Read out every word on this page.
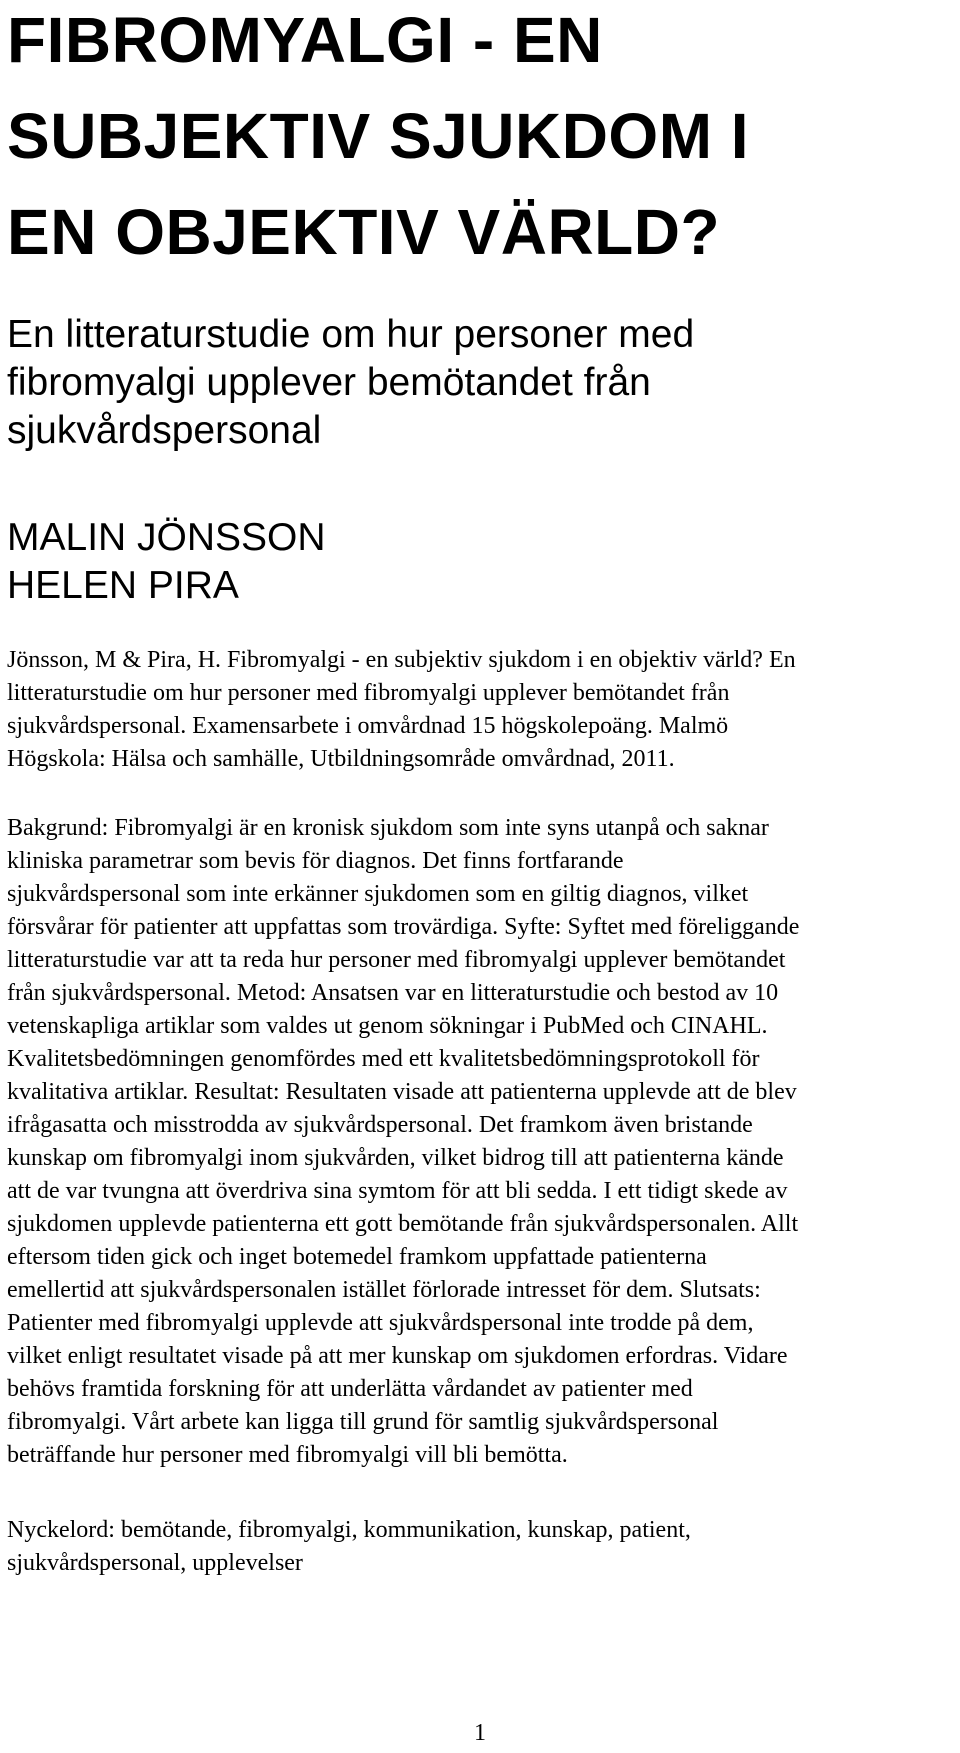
FIBROMYALGI - EN
SUBJEKTIV SJUKDOM I
EN OBJEKTIV VÄRLD?
En litteraturstudie om hur personer med
fibromyalgi upplever bemötandet från
sjukvårdspersonal
MALIN JÖNSSON
HELEN PIRA

Jönsson, M & Pira, H. Fibromyalgi - en subjektiv sjukdom i en objektiv värld? En
litteraturstudie om hur personer med fibromyalgi upplever bemötandet från
sjukvårdspersonal. Examensarbete i omvårdnad 15 högskolepoäng. Malmö
Högskola: Hälsa och samhälle, Utbildningsområde omvårdnad, 2011.

Bakgrund: Fibromyalgi är en kronisk sjukdom som inte syns utanpå och saknar
kliniska parametrar som bevis för diagnos. Det finns fortfarande
sjukvårdspersonal som inte erkänner sjukdomen som en giltig diagnos, vilket
försvårar för patienter att uppfattas som trovärdiga. Syfte: Syftet med föreliggande
litteraturstudie var att ta reda hur personer med fibromyalgi upplever bemötandet
från sjukvårdspersonal. Metod: Ansatsen var en litteraturstudie och bestod av 10
vetenskapliga artiklar som valdes ut genom sökningar i PubMed och CINAHL.
Kvalitetsbedömningen genomfördes med ett kvalitetsbedömningsprotokoll för
kvalitativa artiklar. Resultat: Resultaten visade att patienterna upplevde att de blev
ifrågasatta och misstrodda av sjukvårdspersonal. Det framkom även bristande
kunskap om fibromyalgi inom sjukvården, vilket bidrog till att patienterna kände
att de var tvungna att överdriva sina symtom för att bli sedda. I ett tidigt skede av
sjukdomen upplevde patienterna ett gott bemötande från sjukvårdspersonalen. Allt
eftersom tiden gick och inget botemedel framkom uppfattade patienterna
emellertid att sjukvårdspersonalen istället förlorade intresset för dem. Slutsats:
Patienter med fibromyalgi upplevde att sjukvårdspersonal inte trodde på dem,
vilket enligt resultatet visade på att mer kunskap om sjukdomen erfordras. Vidare
behövs framtida forskning för att underlätta vårdandet av patienter med
fibromyalgi. Vårt arbete kan ligga till grund för samtlig sjukvårdspersonal
beträffande hur personer med fibromyalgi vill bli bemötta.

Nyckelord: bemötande, fibromyalgi, kommunikation, kunskap, patient,
sjukvårdspersonal, upplevelser

1
